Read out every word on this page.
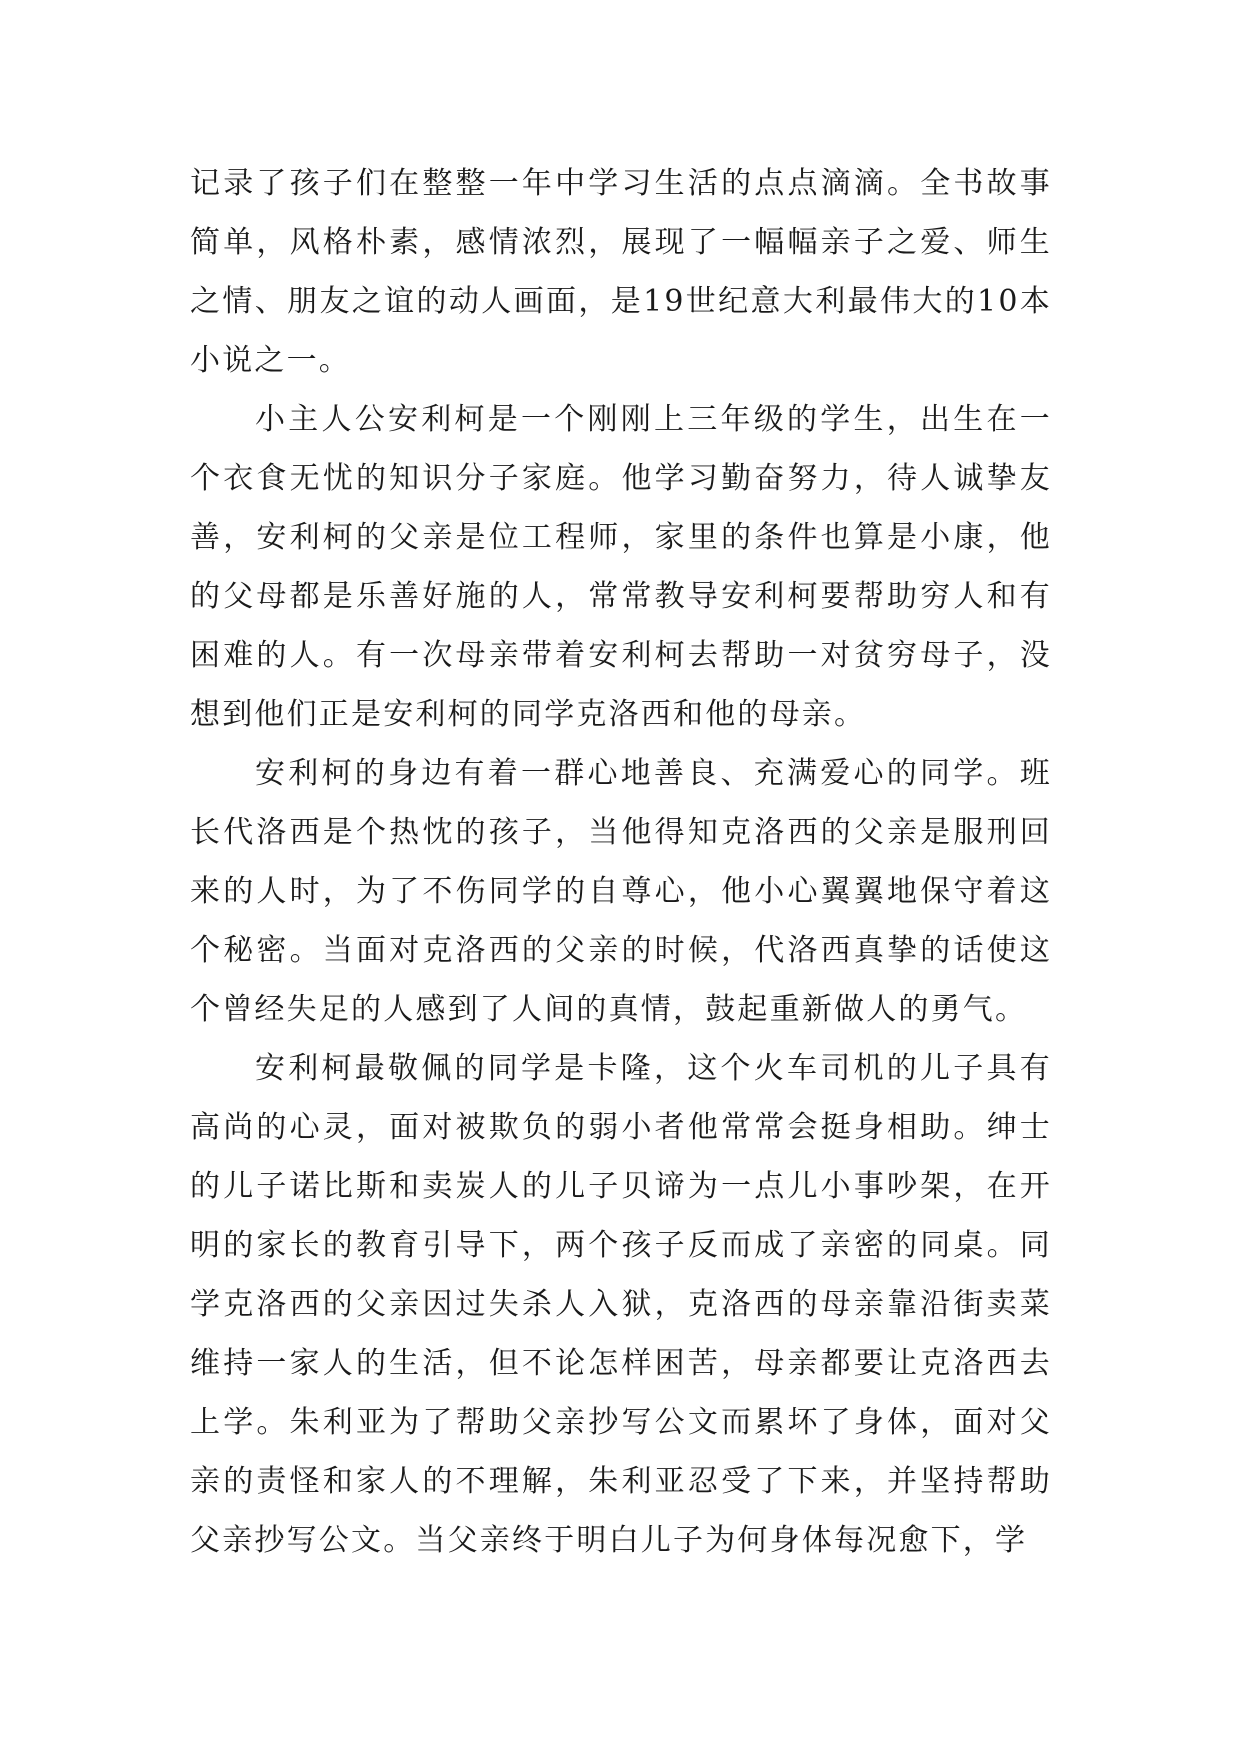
记录了孩子们在整整一年中学习生活的点点滴滴。全书故事简单，风格朴素，感情浓烈，展现了一幅幅亲子之爱、师生之情、朋友之谊的动人画面，是19世纪意大利最伟大的10本小说之一。

小主人公安利柯是一个刚刚上三年级的学生，出生在一个衣食无忧的知识分子家庭。他学习勤奋努力，待人诚挚友善，安利柯的父亲是位工程师，家里的条件也算是小康，他的父母都是乐善好施的人，常常教导安利柯要帮助穷人和有困难的人。有一次母亲带着安利柯去帮助一对贫穷母子，没想到他们正是安利柯的同学克洛西和他的母亲。

安利柯的身边有着一群心地善良、充满爱心的同学。班长代洛西是个热忱的孩子，当他得知克洛西的父亲是服刑回来的人时，为了不伤同学的自尊心，他小心翼翼地保守着这个秘密。当面对克洛西的父亲的时候，代洛西真挚的话使这个曾经失足的人感到了人间的真情，鼓起重新做人的勇气。

安利柯最敬佩的同学是卡隆，这个火车司机的儿子具有高尚的心灵，面对被欺负的弱小者他常常会挺身相助。绅士的儿子诺比斯和卖炭人的儿子贝谛为一点儿小事吵架，在开明的家长的教育引导下，两个孩子反而成了亲密的同桌。同学克洛西的父亲因过失杀人入狱，克洛西的母亲靠沿街卖菜维持一家人的生活，但不论怎样困苦，母亲都要让克洛西去上学。朱利亚为了帮助父亲抄写公文而累坏了身体，面对父亲的责怪和家人的不理解，朱利亚忍受了下来，并坚持帮助父亲抄写公文。当父亲终于明白儿子为何身体每况愈下，学
